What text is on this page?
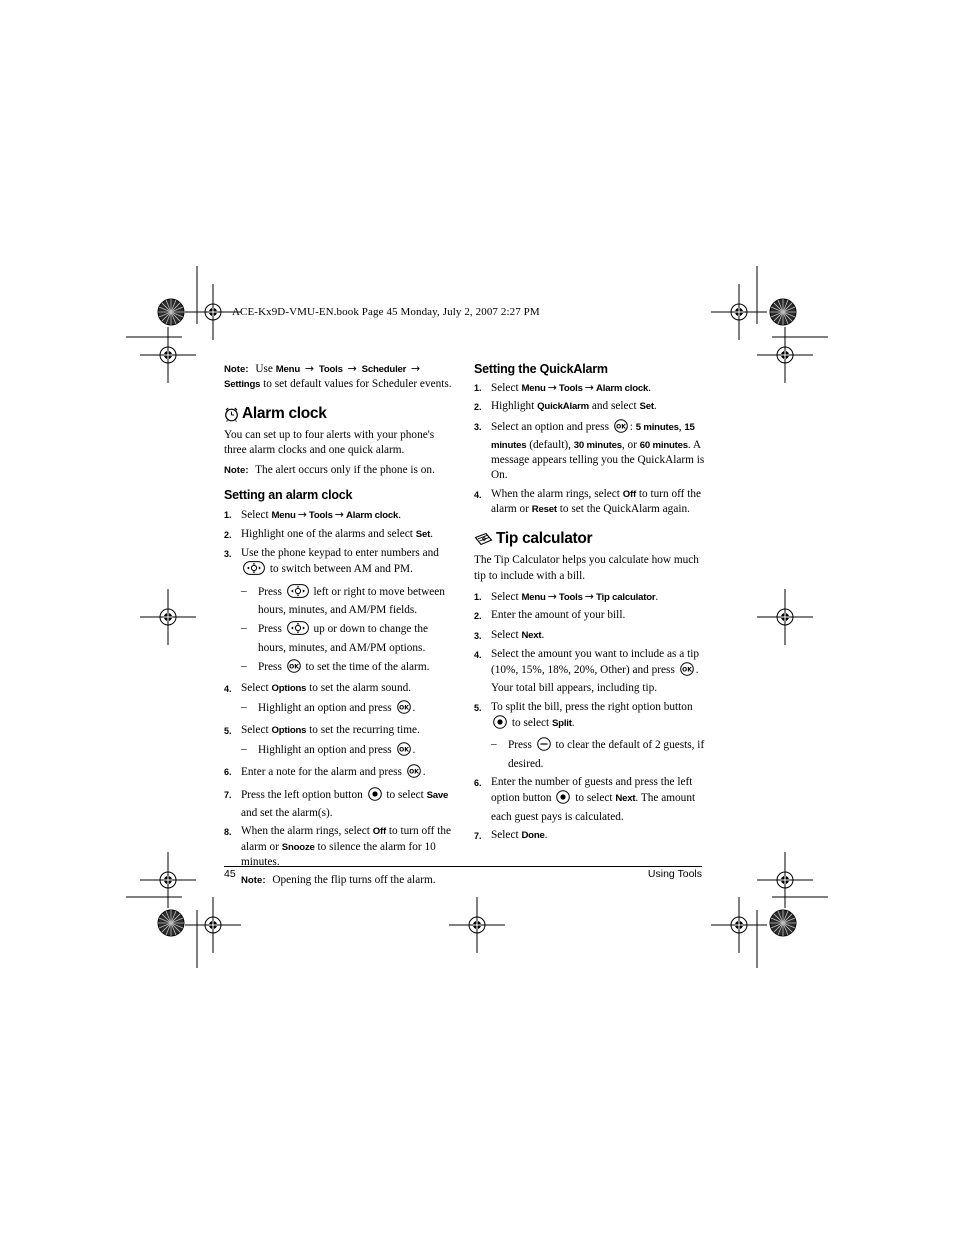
ACE-Kx9D-VMU-EN.book Page 45 Monday, July 2, 2007 2:27 PM

Note: Use Menu → Tools → Scheduler → Settings to set default values for Scheduler events.

Alarm clock

You can set up to four alerts with your phone's three alarm clocks and one quick alarm.

Note: The alert occurs only if the phone is on.

Setting an alarm clock
1. Select Menu → Tools → Alarm clock.
2. Highlight one of the alarms and select Set.
3. Use the phone keypad to enter numbers and  to switch between AM and PM.
–	Press	left or right to move between hours, minutes, and AM/PM fields.
–	Press	up or down to change the hours, minutes, and AM/PM options.
–	Press OK to set the time of the alarm.
4. Select Options to set the alarm sound.
–	Highlight an option and press OK .
5. Select Options to set the recurring time.
–	Highlight an option and press OK .
6. Enter a note for the alarm and press OK .
7. Press the left option button to select Save and set the alarm(s).
8. When the alarm rings, select Off to turn off the alarm or Snooze to silence the alarm for 10 minutes.

Note: Opening the flip turns off the alarm.

Setting the QuickAlarm
1. Select Menu → Tools → Alarm clock.
2. Highlight QuickAlarm and select Set.
3. Select an option and press OK : 5 minutes, 15 minutes (default), 30 minutes, or 60 minutes. A message appears telling you the QuickAlarm is On.
4. When the alarm rings, select Off to turn off the alarm or Reset to set the QuickAlarm again.
Tip calculator

The Tip Calculator helps you calculate how much tip to include with a bill.

1. Select Menu → Tools → Tip calculator.
2. Enter the amount of your bill.
3. Select Next.
4. Select the amount you want to include as a tip (10%, 15%, 18%, 20%, Other) and press OK . Your total bill appears, including tip.
5. To split the bill, press the right option button  to select Split.
–	Press to clear the default of 2 guests, if desired.
6. Enter the number of guests and press the left option button to select Next. The amount each guest pays is calculated.
7. Select Done.
45	Using Tools
